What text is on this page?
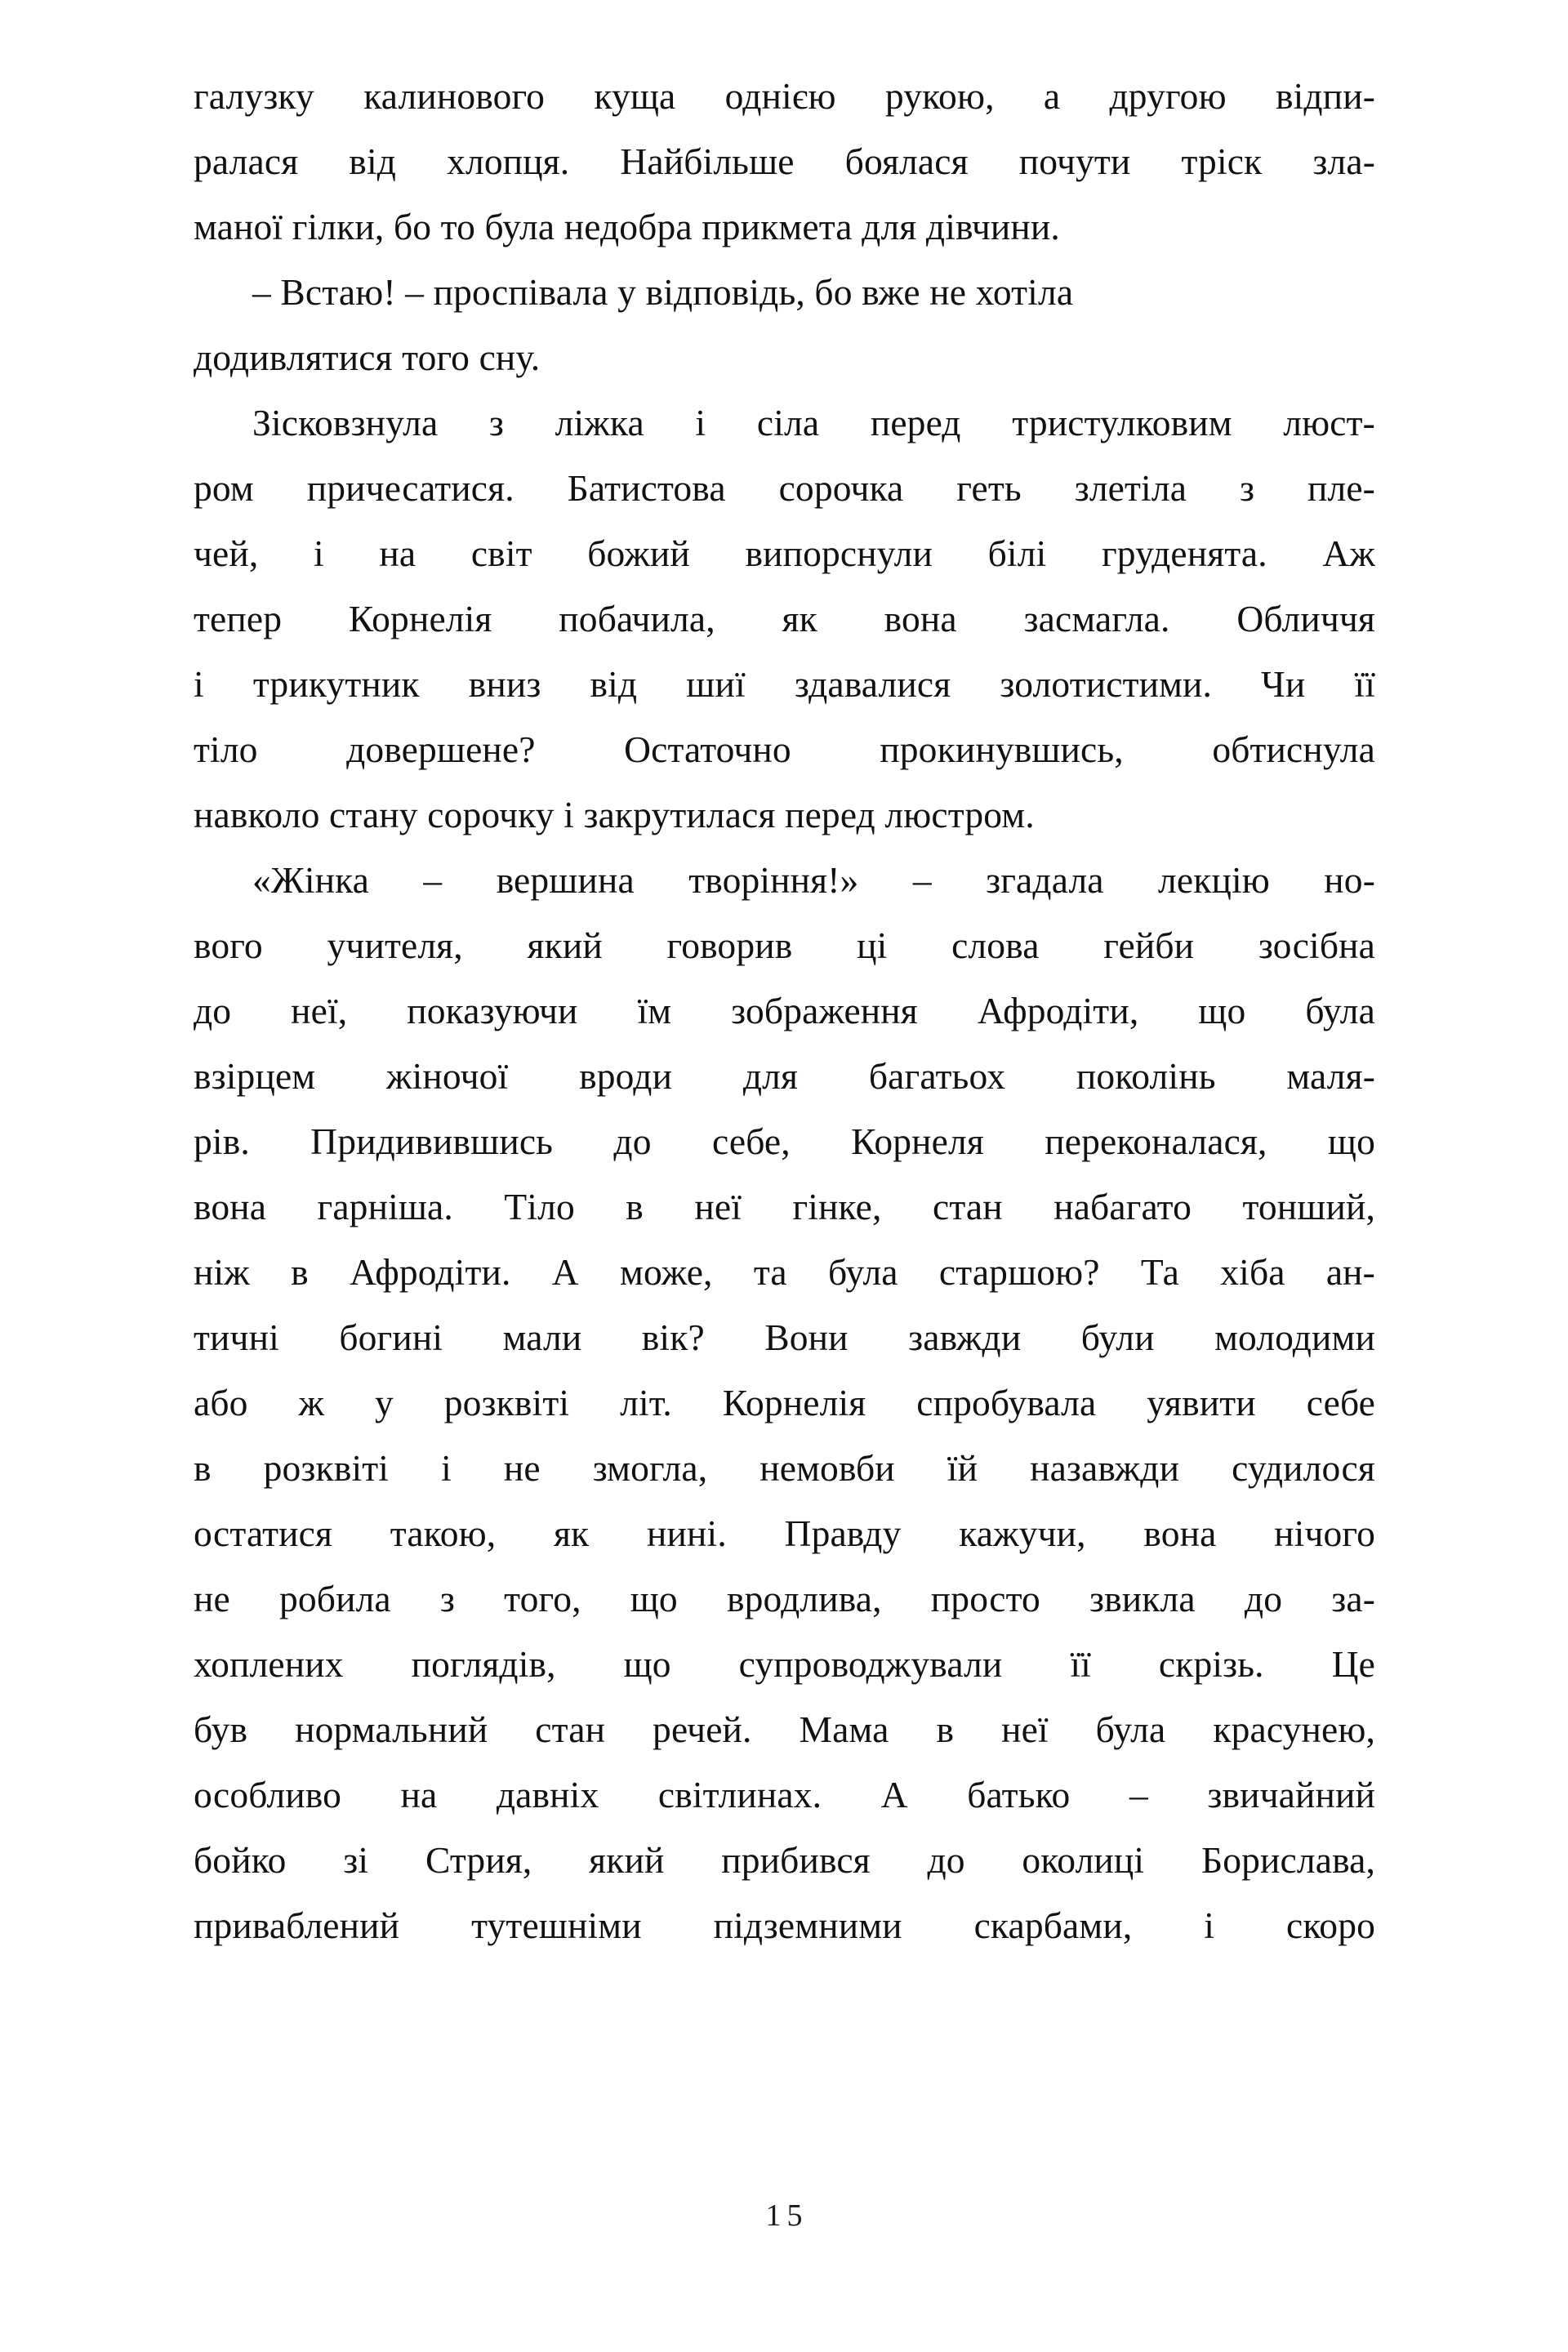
галузку калинового куща однією рукою, а другою відпи-
ралася від хлопця. Найбільше боялася почути тріск зла-
маної гілки, бо то була недобра прикмета для дівчини.
– Встаю! – проспівала у відповідь, бо вже не хотіла
додивлятися того сну.
Зісковзнула з ліжка і сіла перед тристулковим люст-
ром причесатися. Батистова сорочка геть злетіла з пле-
чей, і на світ божий випорснули білі груденята. Аж
тепер Корнелія побачила, як вона засмагла. Обличчя
і трикутник вниз від шиї здавалися золотистими. Чи її
тіло довершене? Остаточно прокинувшись, обтиснула
навколо стану сорочку і закрутилася перед люстром.
«Жінка – вершина творіння!» – згадала лекцію но-
вого учителя, який говорив ці слова гейби зосібна
до неї, показуючи їм зображення Афродіти, що була
взірцем жіночої вроди для багатьох поколінь маля-
рів. Придивившись до себе, Корнеля переконалася, що
вона гарніша. Тіло в неї гінке, стан набагато тонший,
ніж в Афродіти. А може, та була старшою? Та хіба ан-
тичні богині мали вік? Вони завжди були молодими
або ж у розквіті літ. Корнелія спробувала уявити себе
в розквіті і не змогла, немовби їй назавжди судилося
остатися такою, як нині. Правду кажучи, вона нічого
не робила з того, що вродлива, просто звикла до за-
хоплених поглядів, що супроводжували її скрізь. Це
був нормальний стан речей. Мама в неї була красунею,
особливо на давніх світлинах. А батько – звичайний
бойко зі Стрия, який прибився до околиці Борислава,
приваблений тутешніми підземними скарбами, і скоро
15
